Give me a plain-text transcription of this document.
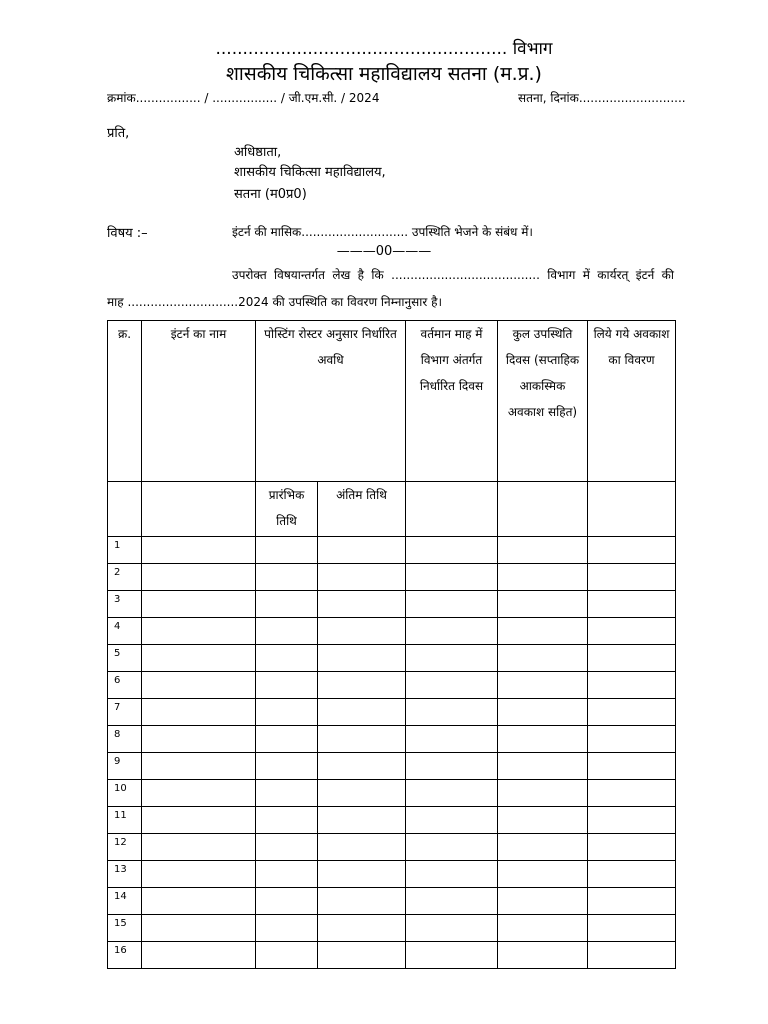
...................................................... विभाग
शासकीय चिकित्सा महाविद्यालय सतना (म.प्र.)
क्रमांक................. / ................. / जी.एम.सी. / 2024	सतना, दिनांक............................
प्रति,
अधिष्ठाता,
शासकीय चिकित्सा महाविद्यालय,
सतना (म0प्र0)
विषय :–	इंटर्न की मासिक............................ उपस्थिति भेजने के संबंध में।
———00———
उपरोक्त विषयान्तर्गत लेख है कि ....................................... विभाग में कार्यरत् इंटर्न की
माह .............................2024 की उपस्थिति का विवरण निम्नानुसार है।
क्र.	इंटर्न का नाम	पोस्टिंग रोस्टर अनुसार निर्धारित अवधि		वर्तमान माह में विभाग अंतर्गत निर्धारित दिवस	कुल उपस्थिति दिवस (सप्ताहिक आकस्मिक अवकाश सहित)	लिये गये अवकाश का विवरण

		प्रारंभिक तिथि	अंतिम तिथि			

1						
2						
3						
4						
5						
6						
7						
8						
9						
10						
11						
12						
13						
14						
15						
16						
